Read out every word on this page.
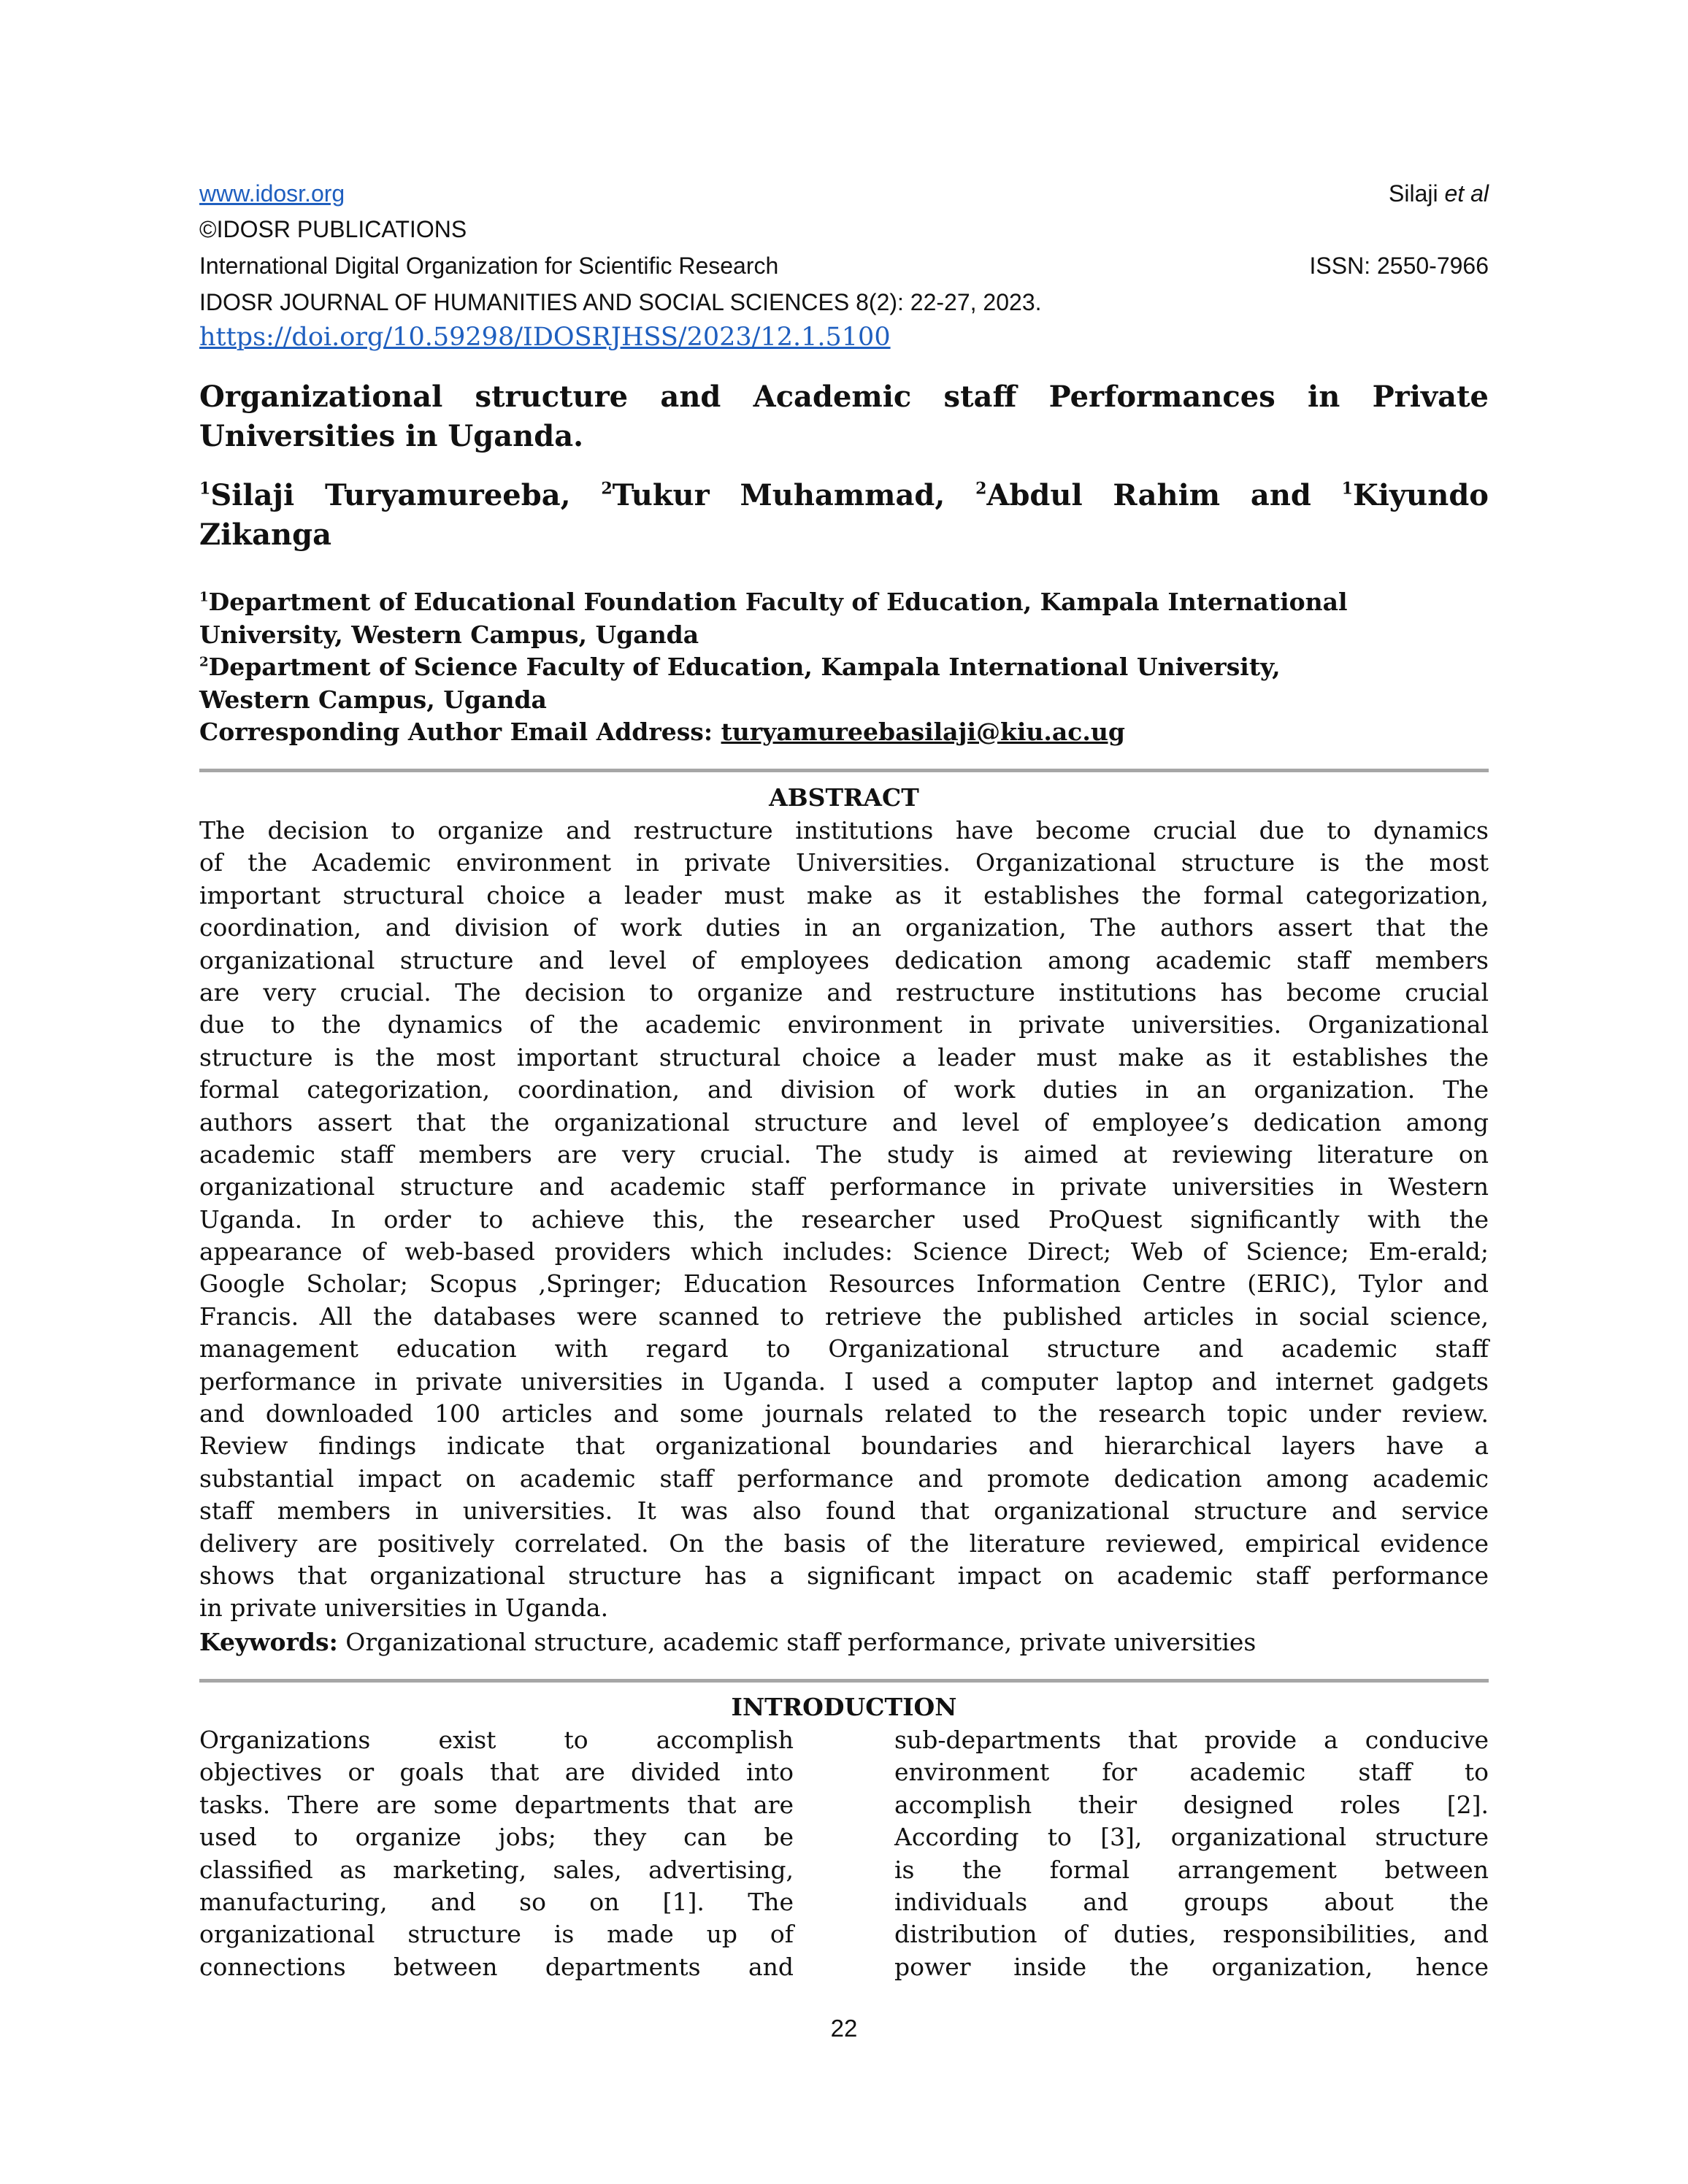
www.idosr.org	Silaji et al
©IDOSR PUBLICATIONS
International Digital Organization for Scientific Research	ISSN: 2550-7966
IDOSR JOURNAL OF HUMANITIES AND SOCIAL SCIENCES 8(2): 22-27, 2023.
https://doi.org/10.59298/IDOSRJHSS/2023/12.1.5100
Organizational structure and Academic staff Performances in Private
Universities in Uganda.
$^1$Silaji Turyamureeba, $^2$Tukur Muhammad, $^2$Abdul Rahim and $^1$Kiyundo
Zikanga
$^1$Department of Educational Foundation Faculty of Education, Kampala International
University, Western Campus, Uganda
$^2$Department of Science Faculty of Education, Kampala International University,
Western Campus, Uganda
Corresponding Author Email Address: turyamureebasilaji@kiu.ac.ug
ABSTRACT
The decision to organize and restructure institutions have become crucial due to dynamics
of the Academic environment in private Universities. Organizational structure is the most
important structural choice a leader must make as it establishes the formal categorization,
coordination, and division of work duties in an organization, The authors assert that the
organizational structure and level of employees dedication among academic staff members
are very crucial. The decision to organize and restructure institutions has become crucial
due to the dynamics of the academic environment in private universities. Organizational
structure is the most important structural choice a leader must make as it establishes the
formal categorization, coordination, and division of work duties in an organization. The
authors assert that the organizational structure and level of employee’s dedication among
academic staff members are very crucial. The study is aimed at reviewing literature on
organizational structure and academic staff performance in private universities in Western
Uganda. In order to achieve this, the researcher used ProQuest significantly with the
appearance of web-based providers which includes: Science Direct; Web of Science; Em-erald;
Google Scholar; Scopus ,Springer; Education Resources Information Centre (ERIC), Tylor and
Francis. All the databases were scanned to retrieve the published articles in social science,
management education with regard to Organizational structure and academic staff
performance in private universities in Uganda. I used a computer laptop and internet gadgets
and downloaded 100 articles and some journals related to the research topic under review.
Review findings indicate that organizational boundaries and hierarchical layers have a
substantial impact on academic staff performance and promote dedication among academic
staff members in universities. It was also found that organizational structure and service
delivery are positively correlated. On the basis of the literature reviewed, empirical evidence
shows that organizational structure has a significant impact on academic staff performance
in private universities in Uganda.
Keywords: Organizational structure, academic staff performance, private universities
INTRODUCTION
Organizations exist to accomplish
objectives or goals that are divided into
tasks. There are some departments that are
used to organize jobs; they can be
classified as marketing, sales, advertising,
manufacturing, and so on [1]. The
organizational structure is made up of
connections between departments and
sub-departments that provide a conducive
environment for academic staff to
accomplish their designed roles [2].
According to [3], organizational structure
is the formal arrangement between
individuals and groups about the
distribution of duties, responsibilities, and
power inside the organization, hence
22
